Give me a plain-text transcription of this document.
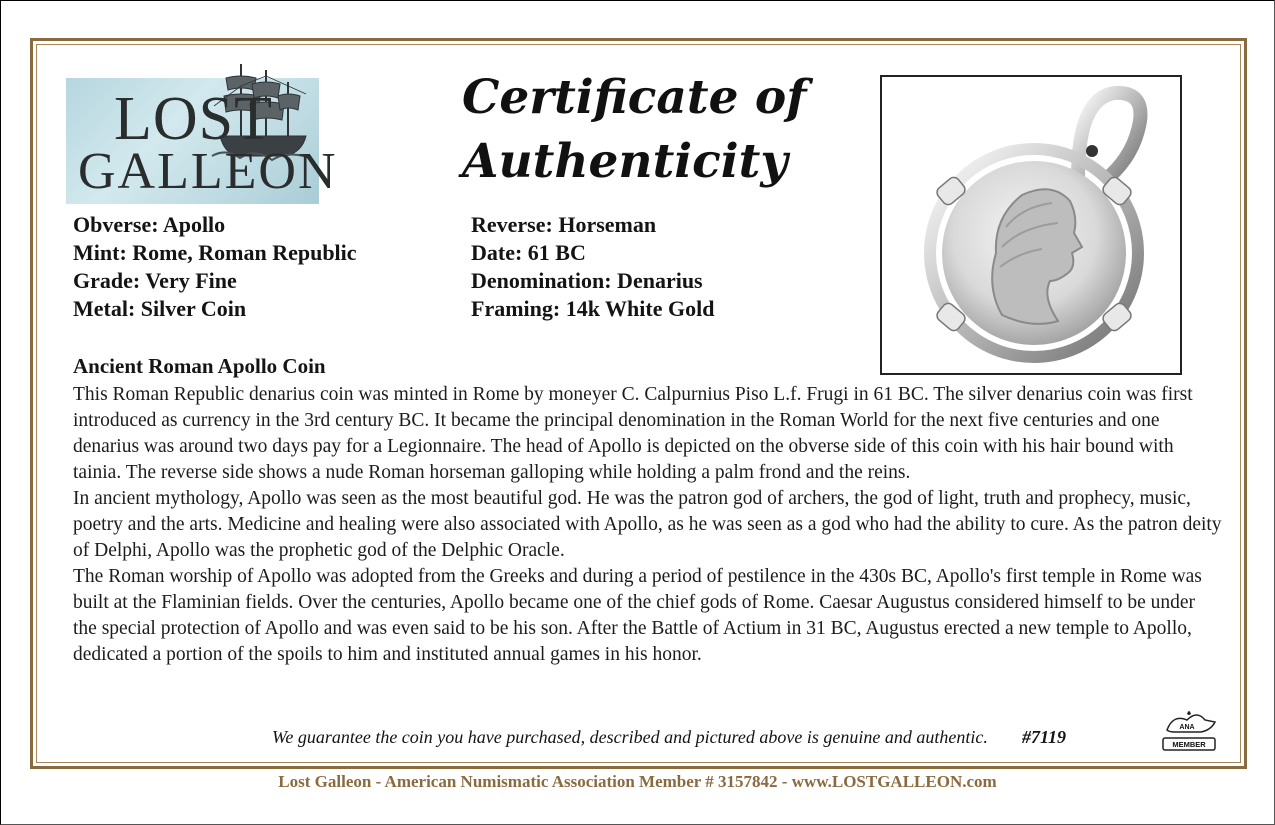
LOST
GALLEON
Certificate of
Authenticity
Obverse: Apollo
Mint: Rome, Roman Republic
Grade: Very Fine
Metal: Silver Coin
Reverse: Horseman
Date: 61 BC
Denomination: Denarius
Framing: 14k White Gold
Ancient Roman Apollo Coin

This Roman Republic denarius coin was minted in Rome by moneyer C. Calpurnius Piso L.f. Frugi in 61 BC. The silver denarius coin was first introduced as currency in the 3rd century BC. It became the principal denomination in the Roman World for the next five centuries and one denarius was around two days pay for a Legionnaire. The head of Apollo is depicted on the obverse side of this coin with his hair bound with tainia. The reverse side shows a nude Roman horseman galloping while holding a palm frond and the reins.

In ancient mythology, Apollo was seen as the most beautiful god. He was the patron god of archers, the god of light, truth and prophecy, music, poetry and the arts. Medicine and healing were also associated with Apollo, as he was seen as a god who had the ability to cure. As the patron deity of Delphi, Apollo was the prophetic god of the Delphic Oracle.

The Roman worship of Apollo was adopted from the Greeks and during a period of pestilence in the 430s BC, Apollo's first temple in Rome was built at the Flaminian fields. Over the centuries, Apollo became one of the chief gods of Rome. Caesar Augustus considered himself to be under the special protection of Apollo and was even said to be his son. After the Battle of Actium in 31 BC, Augustus erected a new temple to Apollo, dedicated a portion of the spoils to him and instituted annual games in his honor.

We guarantee the coin you have purchased, described and pictured above is genuine and authentic. #7119	ANA
MEMBER
Lost Galleon - American Numismatic Association Member # 3157842 - www.LOSTGALLEON.com
